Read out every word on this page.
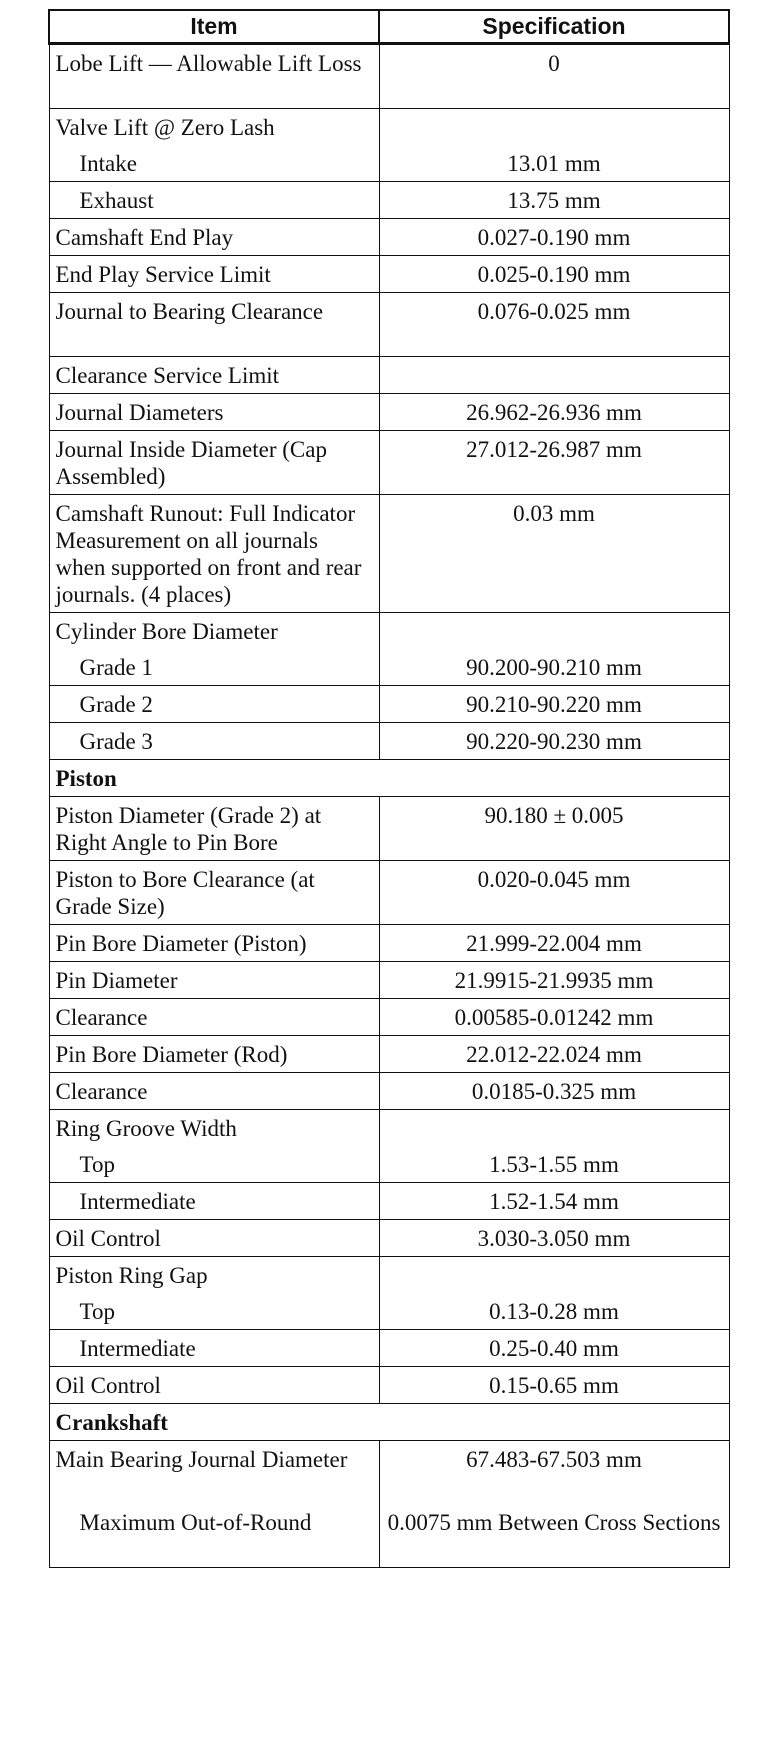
Item	Specification
Lobe Lift — Allowable Lift Loss	0
Valve Lift @ Zero Lash	
Intake	13.01 mm
Exhaust	13.75 mm
Camshaft End Play	0.027-0.190 mm
End Play Service Limit	0.025-0.190 mm
Journal to Bearing Clearance	0.076-0.025 mm
Clearance Service Limit	
Journal Diameters	26.962-26.936 mm
Journal Inside Diameter (Cap Assembled)	27.012-26.987 mm
Camshaft Runout: Full Indicator Measurement on all journals when supported on front and rear journals. (4 places)	0.03 mm
Cylinder Bore Diameter	
Grade 1	90.200-90.210 mm
Grade 2	90.210-90.220 mm
Grade 3	90.220-90.230 mm
Piston	
Piston Diameter (Grade 2) at Right Angle to Pin Bore	90.180 ± 0.005
Piston to Bore Clearance (at Grade Size)	0.020-0.045 mm
Pin Bore Diameter (Piston)	21.999-22.004 mm
Pin Diameter	21.9915-21.9935 mm
Clearance	0.00585-0.01242 mm
Pin Bore Diameter (Rod)	22.012-22.024 mm
Clearance	0.0185-0.325 mm
Ring Groove Width	
Top	1.53-1.55 mm
Intermediate	1.52-1.54 mm
Oil Control	3.030-3.050 mm
Piston Ring Gap	
Top	0.13-0.28 mm
Intermediate	0.25-0.40 mm
Oil Control	0.15-0.65 mm
Crankshaft	
Main Bearing Journal Diameter	67.483-67.503 mm
Maximum Out-of-Round	0.0075 mm Between Cross Sections
